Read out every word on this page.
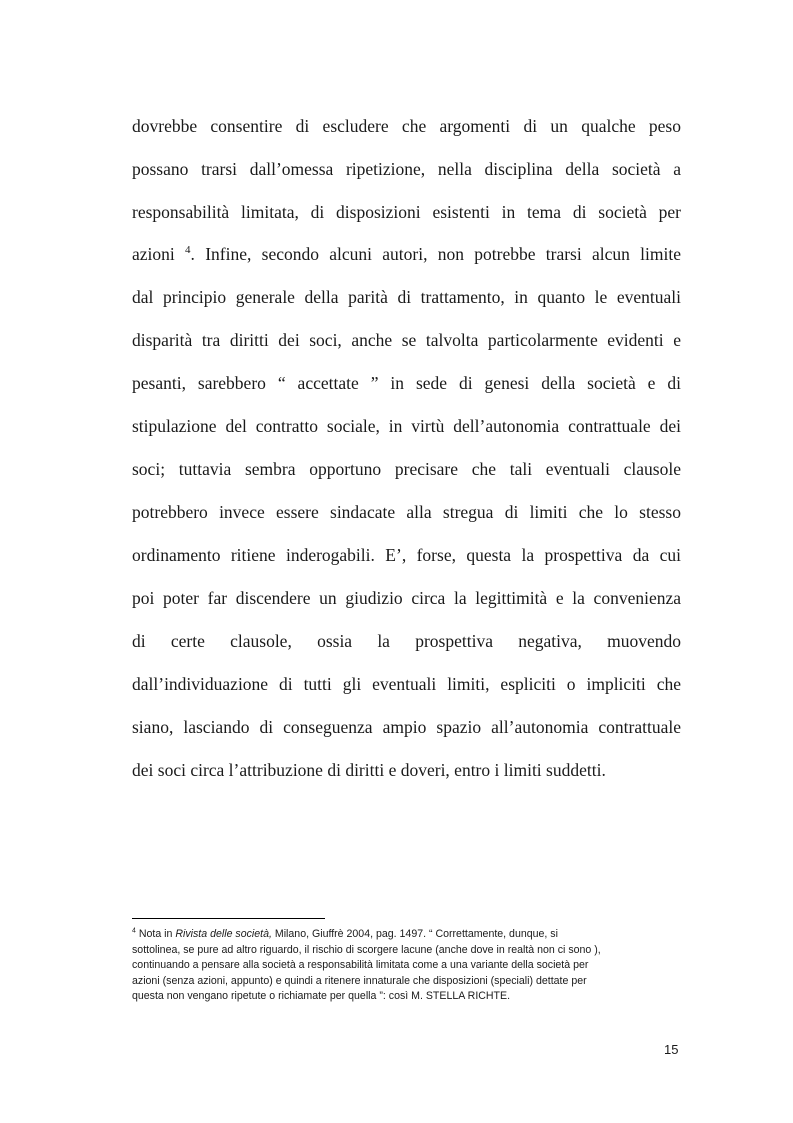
dovrebbe consentire di escludere che argomenti di un qualche peso
possano trarsi dall’omessa ripetizione, nella disciplina della società a
responsabilità limitata, di disposizioni esistenti in tema di società per
azioni $^4$. Infine, secondo alcuni autori, non potrebbe trarsi alcun limite
dal principio generale della parità di trattamento, in quanto le eventuali
disparità tra diritti dei soci, anche se talvolta particolarmente evidenti e
pesanti, sarebbero “ accettate ” in sede di genesi della società e di
stipulazione del contratto sociale, in virtù dell’autonomia contrattuale dei
soci; tuttavia sembra opportuno precisare che tali eventuali clausole
potrebbero invece essere sindacate alla stregua di limiti che lo stesso
ordinamento ritiene inderogabili. E’, forse, questa la prospettiva da cui
poi poter far discendere un giudizio circa la legittimità e la convenienza
di certe clausole, ossia la prospettiva negativa, muovendo
dall’individuazione di tutti gli eventuali limiti, espliciti o impliciti che
siano, lasciando di conseguenza ampio spazio all’autonomia contrattuale
dei soci circa l’attribuzione di diritti e doveri, entro i limiti suddetti.
$^4$ Nota in Rivista delle società, Milano, Giuffrè 2004, pag. 1497. “ Correttamente, dunque, si
sottolinea, se pure ad altro riguardo, il rischio di scorgere lacune (anche dove in realtà non ci sono ),
continuando a pensare alla società a responsabilità limitata come a una variante della società per
azioni (senza azioni, appunto) e quindi a ritenere innaturale che disposizioni (speciali) dettate per
questa non vengano ripetute o richiamate per quella ”: così M. STELLA RICHTE.
15
